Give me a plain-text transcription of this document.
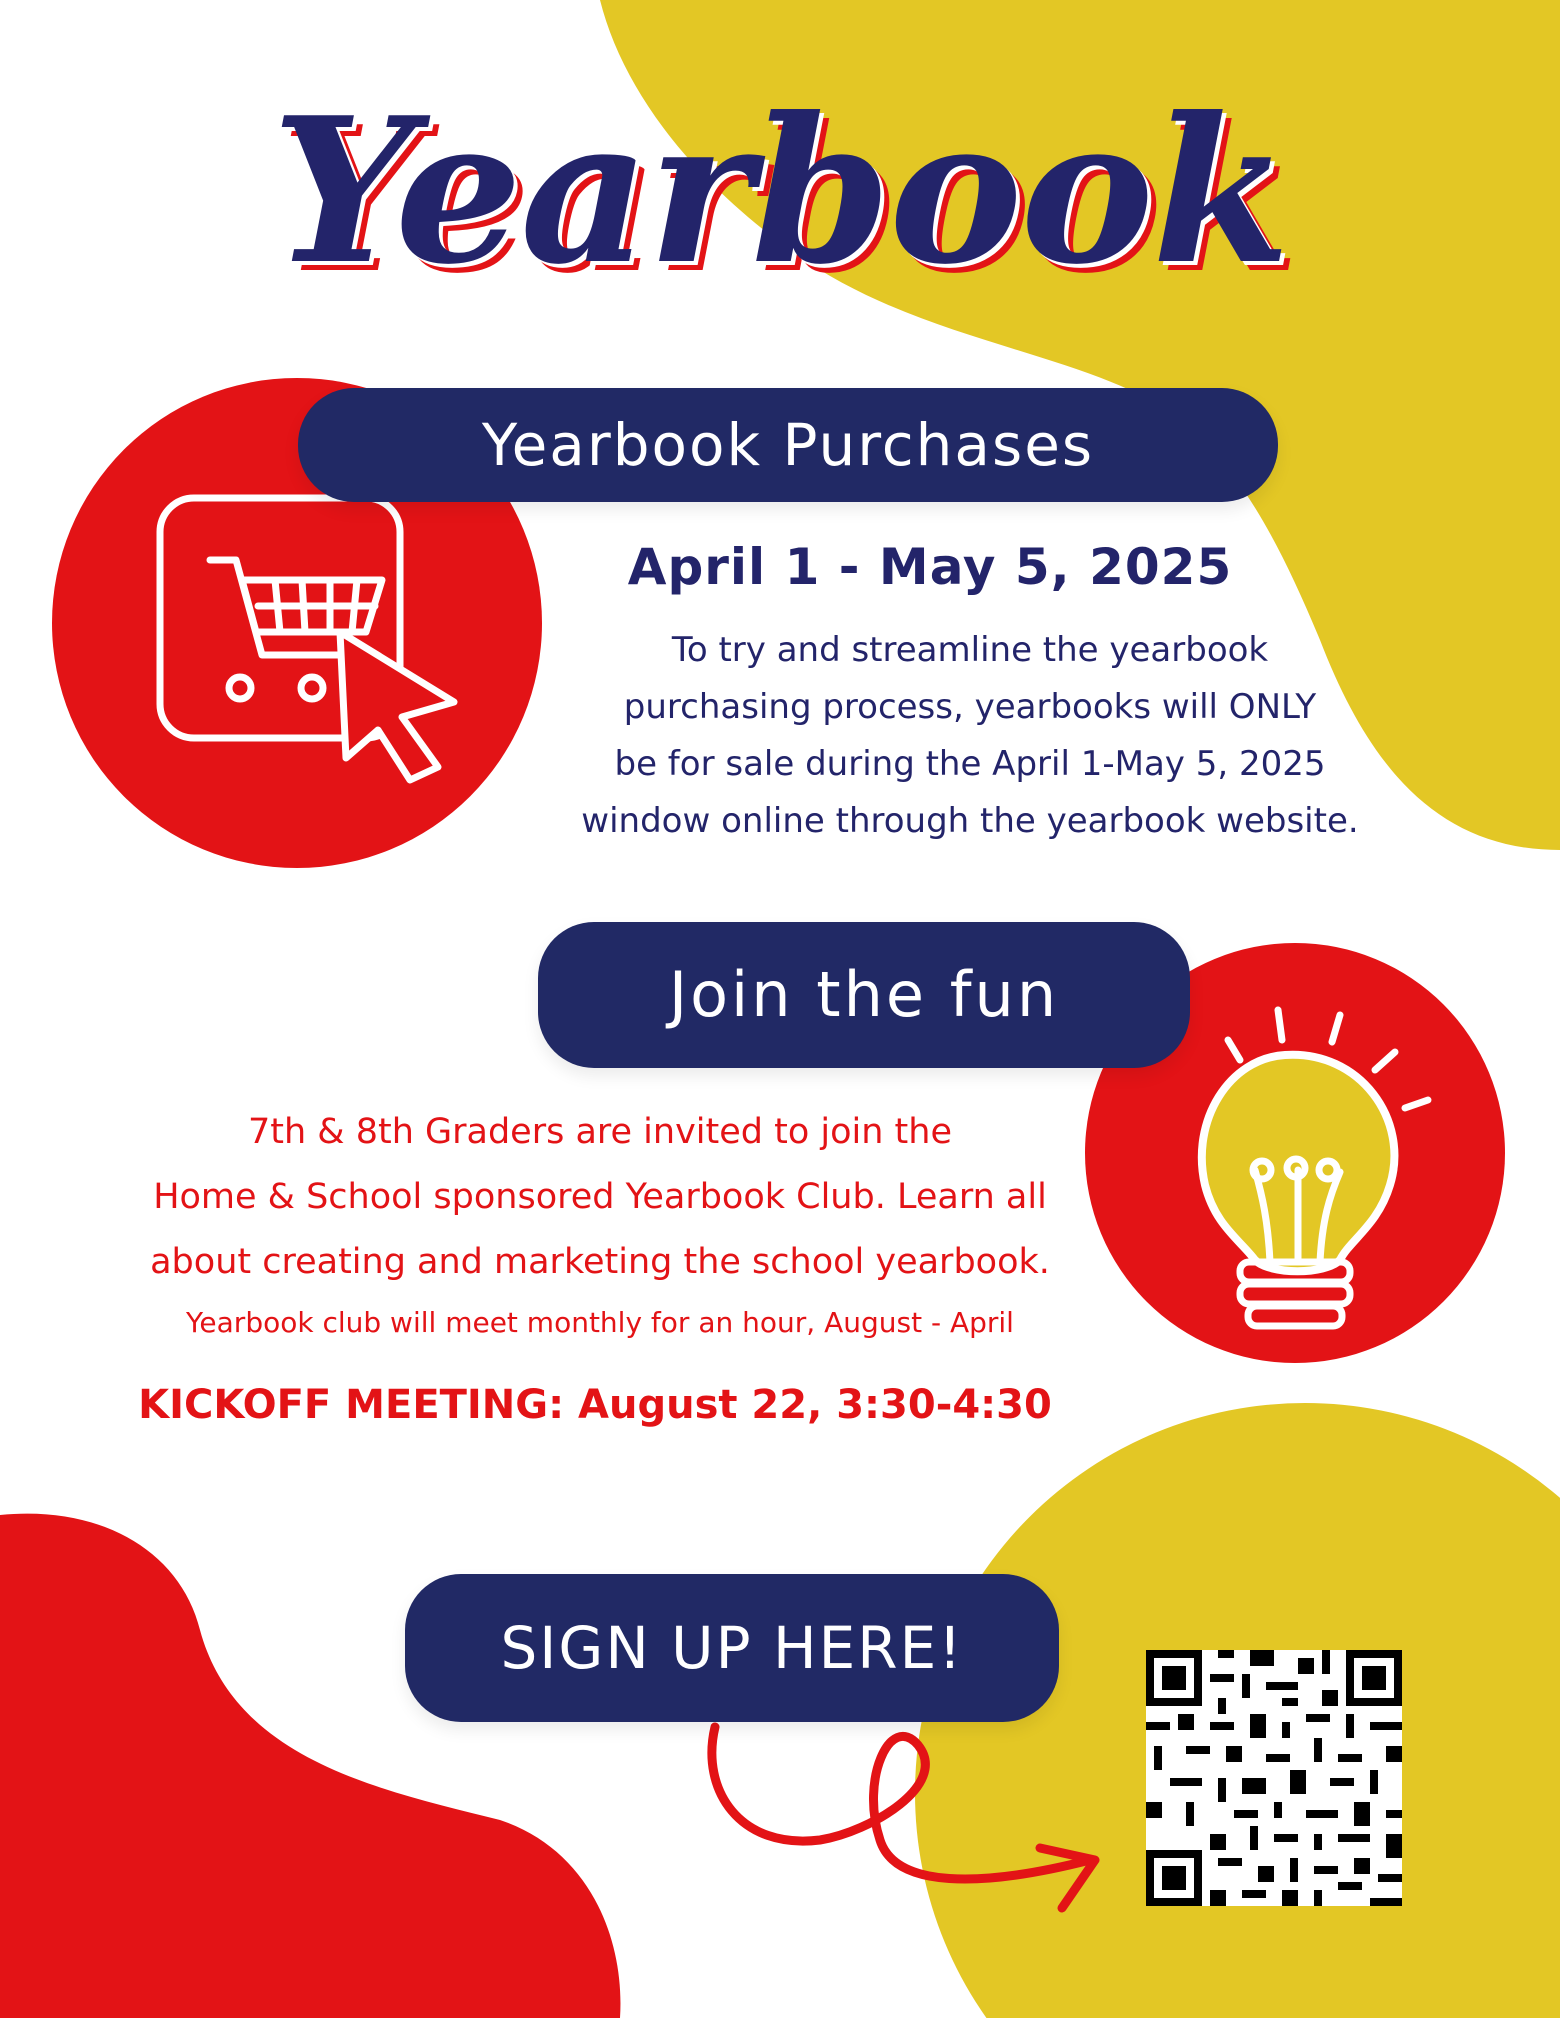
Yearbook
Yearbook Purchases
April 1 - May 5, 2025
To try and streamline the yearbook
purchasing process, yearbooks will ONLY
be for sale during the April 1-May 5, 2025
window online through the yearbook website.
Join the fun
7th & 8th Graders are invited to join the
Home & School sponsored Yearbook Club. Learn all
about creating and marketing the school yearbook.
Yearbook club will meet monthly for an hour, August - April
KICKOFF MEETING: August 22, 3:30-4:30
SIGN UP HERE!
